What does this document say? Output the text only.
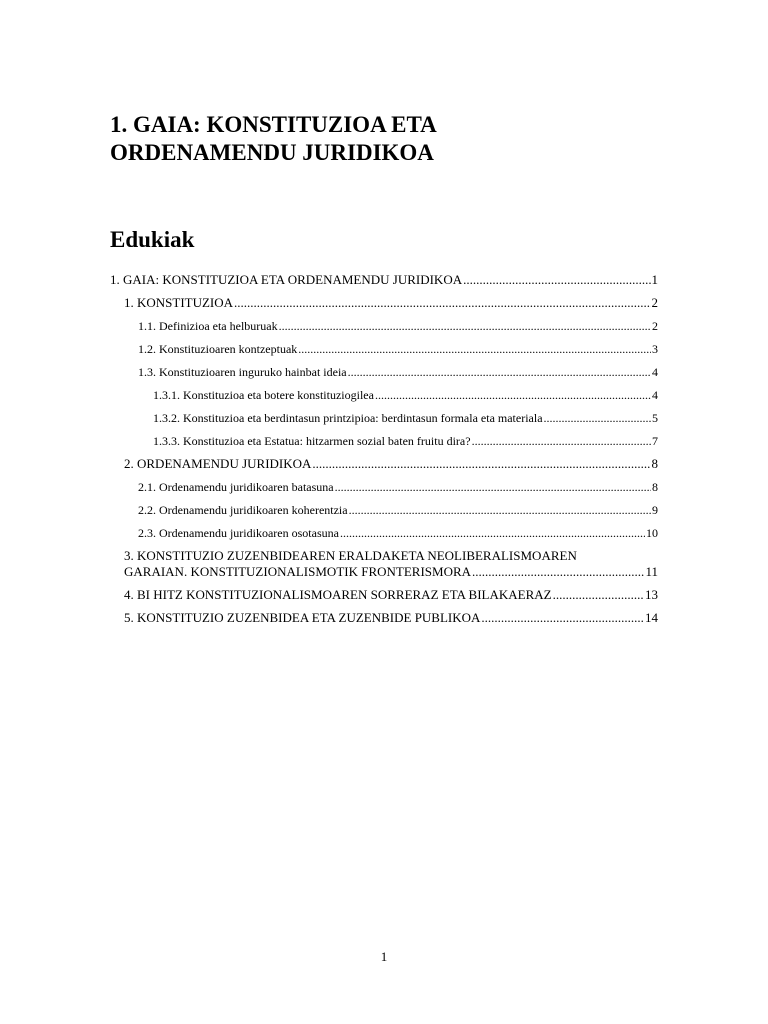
1. GAIA: KONSTITUZIOA ETA
ORDENAMENDU JURIDIKOA
Edukiak
1. GAIA: KONSTITUZIOA ETA ORDENAMENDU JURIDIKOA .....	1
1. KONSTITUZIOA .....	2
1.1. Definizioa eta helburuak .....	2
1.2. Konstituzioaren kontzeptuak .....	3
1.3. Konstituzioaren inguruko hainbat ideia .....	4
1.3.1. Konstituzioa eta botere konstituziogilea .....	4
1.3.2. Konstituzioa eta berdintasun printzipioa: berdintasun formala eta materiala .....	5
1.3.3. Konstituzioa eta Estatua: hitzarmen sozial baten fruitu dira? .....	7
2. ORDENAMENDU JURIDIKOA .....	8
2.1. Ordenamendu juridikoaren batasuna .....	8
2.2. Ordenamendu juridikoaren koherentzia .....	9
2.3. Ordenamendu juridikoaren osotasuna .....	10
3. KONSTITUZIO ZUZENBIDEAREN ERALDAKETA NEOLIBERALISMOAREN
GARAIAN. KONSTITUZIONALISMOTIK FRONTERISMORA .....	11
4. BI HITZ KONSTITUZIONALISMOAREN SORRERAZ ETA BILAKAERAZ .....	13
5. KONSTITUZIO ZUZENBIDEA ETA ZUZENBIDE PUBLIKOA .....	14
1
